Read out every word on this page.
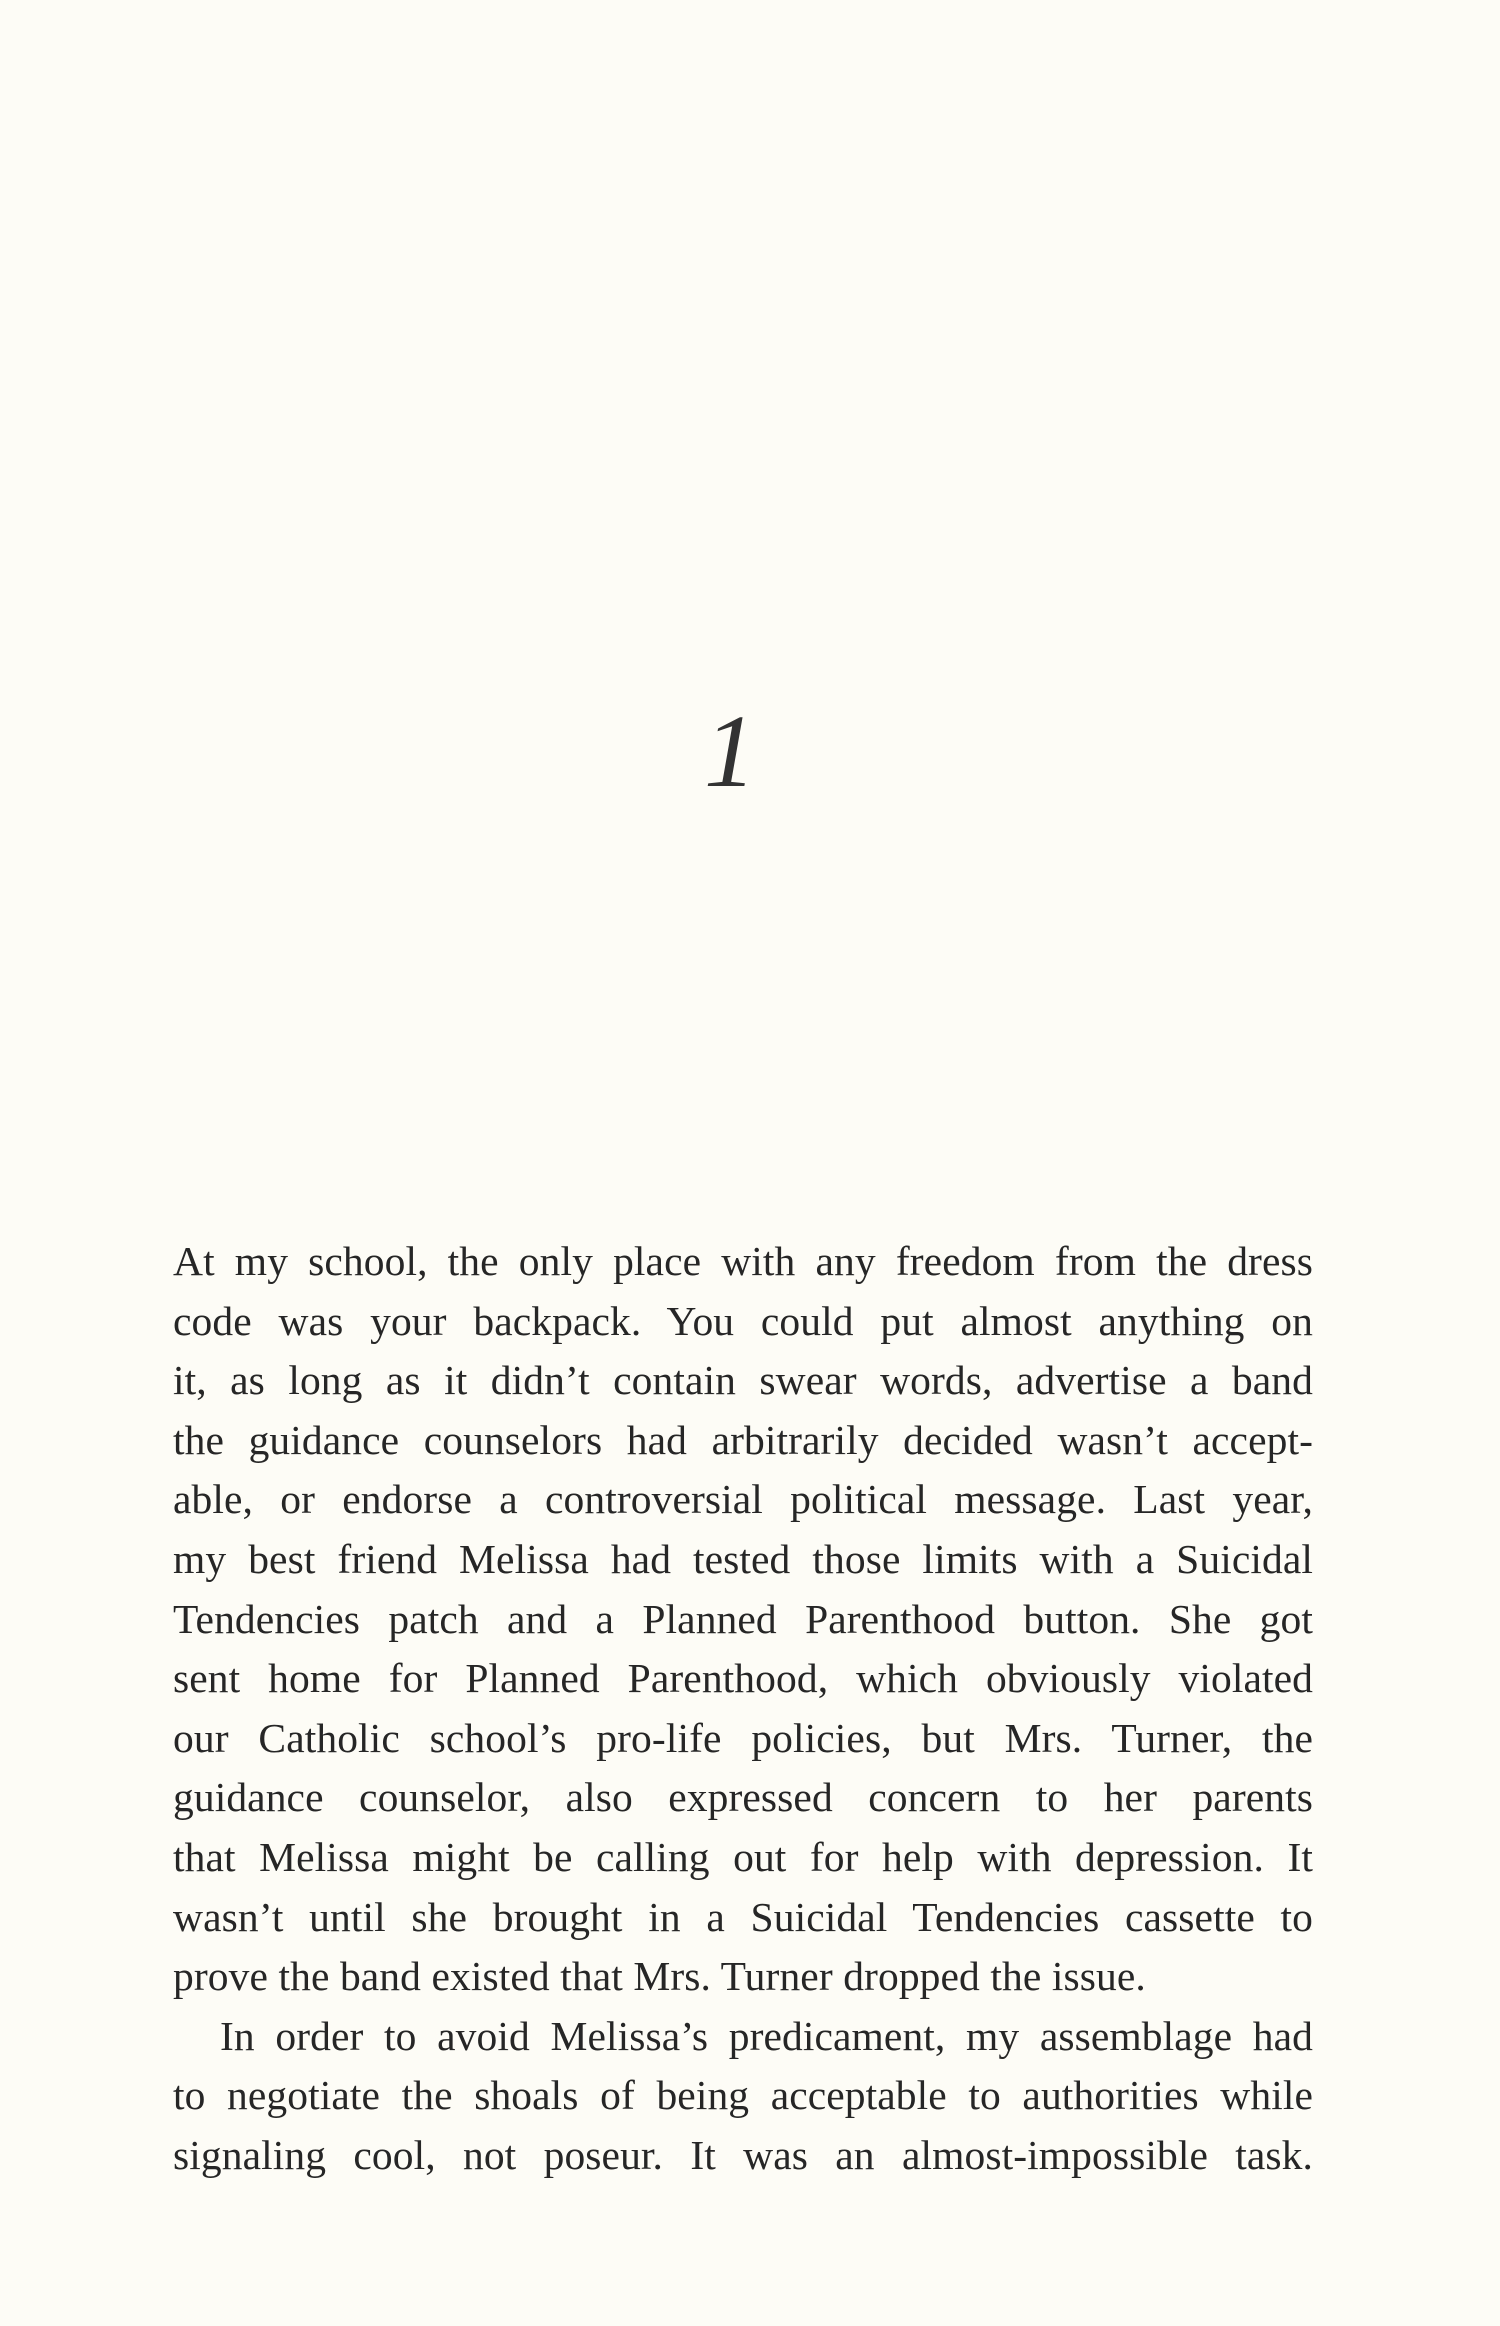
1
At my school, the only place with any freedom from the dress
code was your backpack. You could put almost anything on
it, as long as it didn’t contain swear words, advertise a band
the guidance counselors had arbitrarily decided wasn’t accept-
able, or endorse a controversial political message. Last year,
my best friend Melissa had tested those limits with a Suicidal
Tendencies patch and a Planned Parenthood button. She got
sent home for Planned Parenthood, which obviously violated
our Catholic school’s pro-life policies, but Mrs. Turner, the
guidance counselor, also expressed concern to her parents
that Melissa might be calling out for help with depression. It
wasn’t until she brought in a Suicidal Tendencies cassette to
prove the band existed that Mrs. Turner dropped the issue.
In order to avoid Melissa’s predicament, my assemblage had
to negotiate the shoals of being acceptable to authorities while
signaling cool, not poseur. It was an almost-impossible task.
